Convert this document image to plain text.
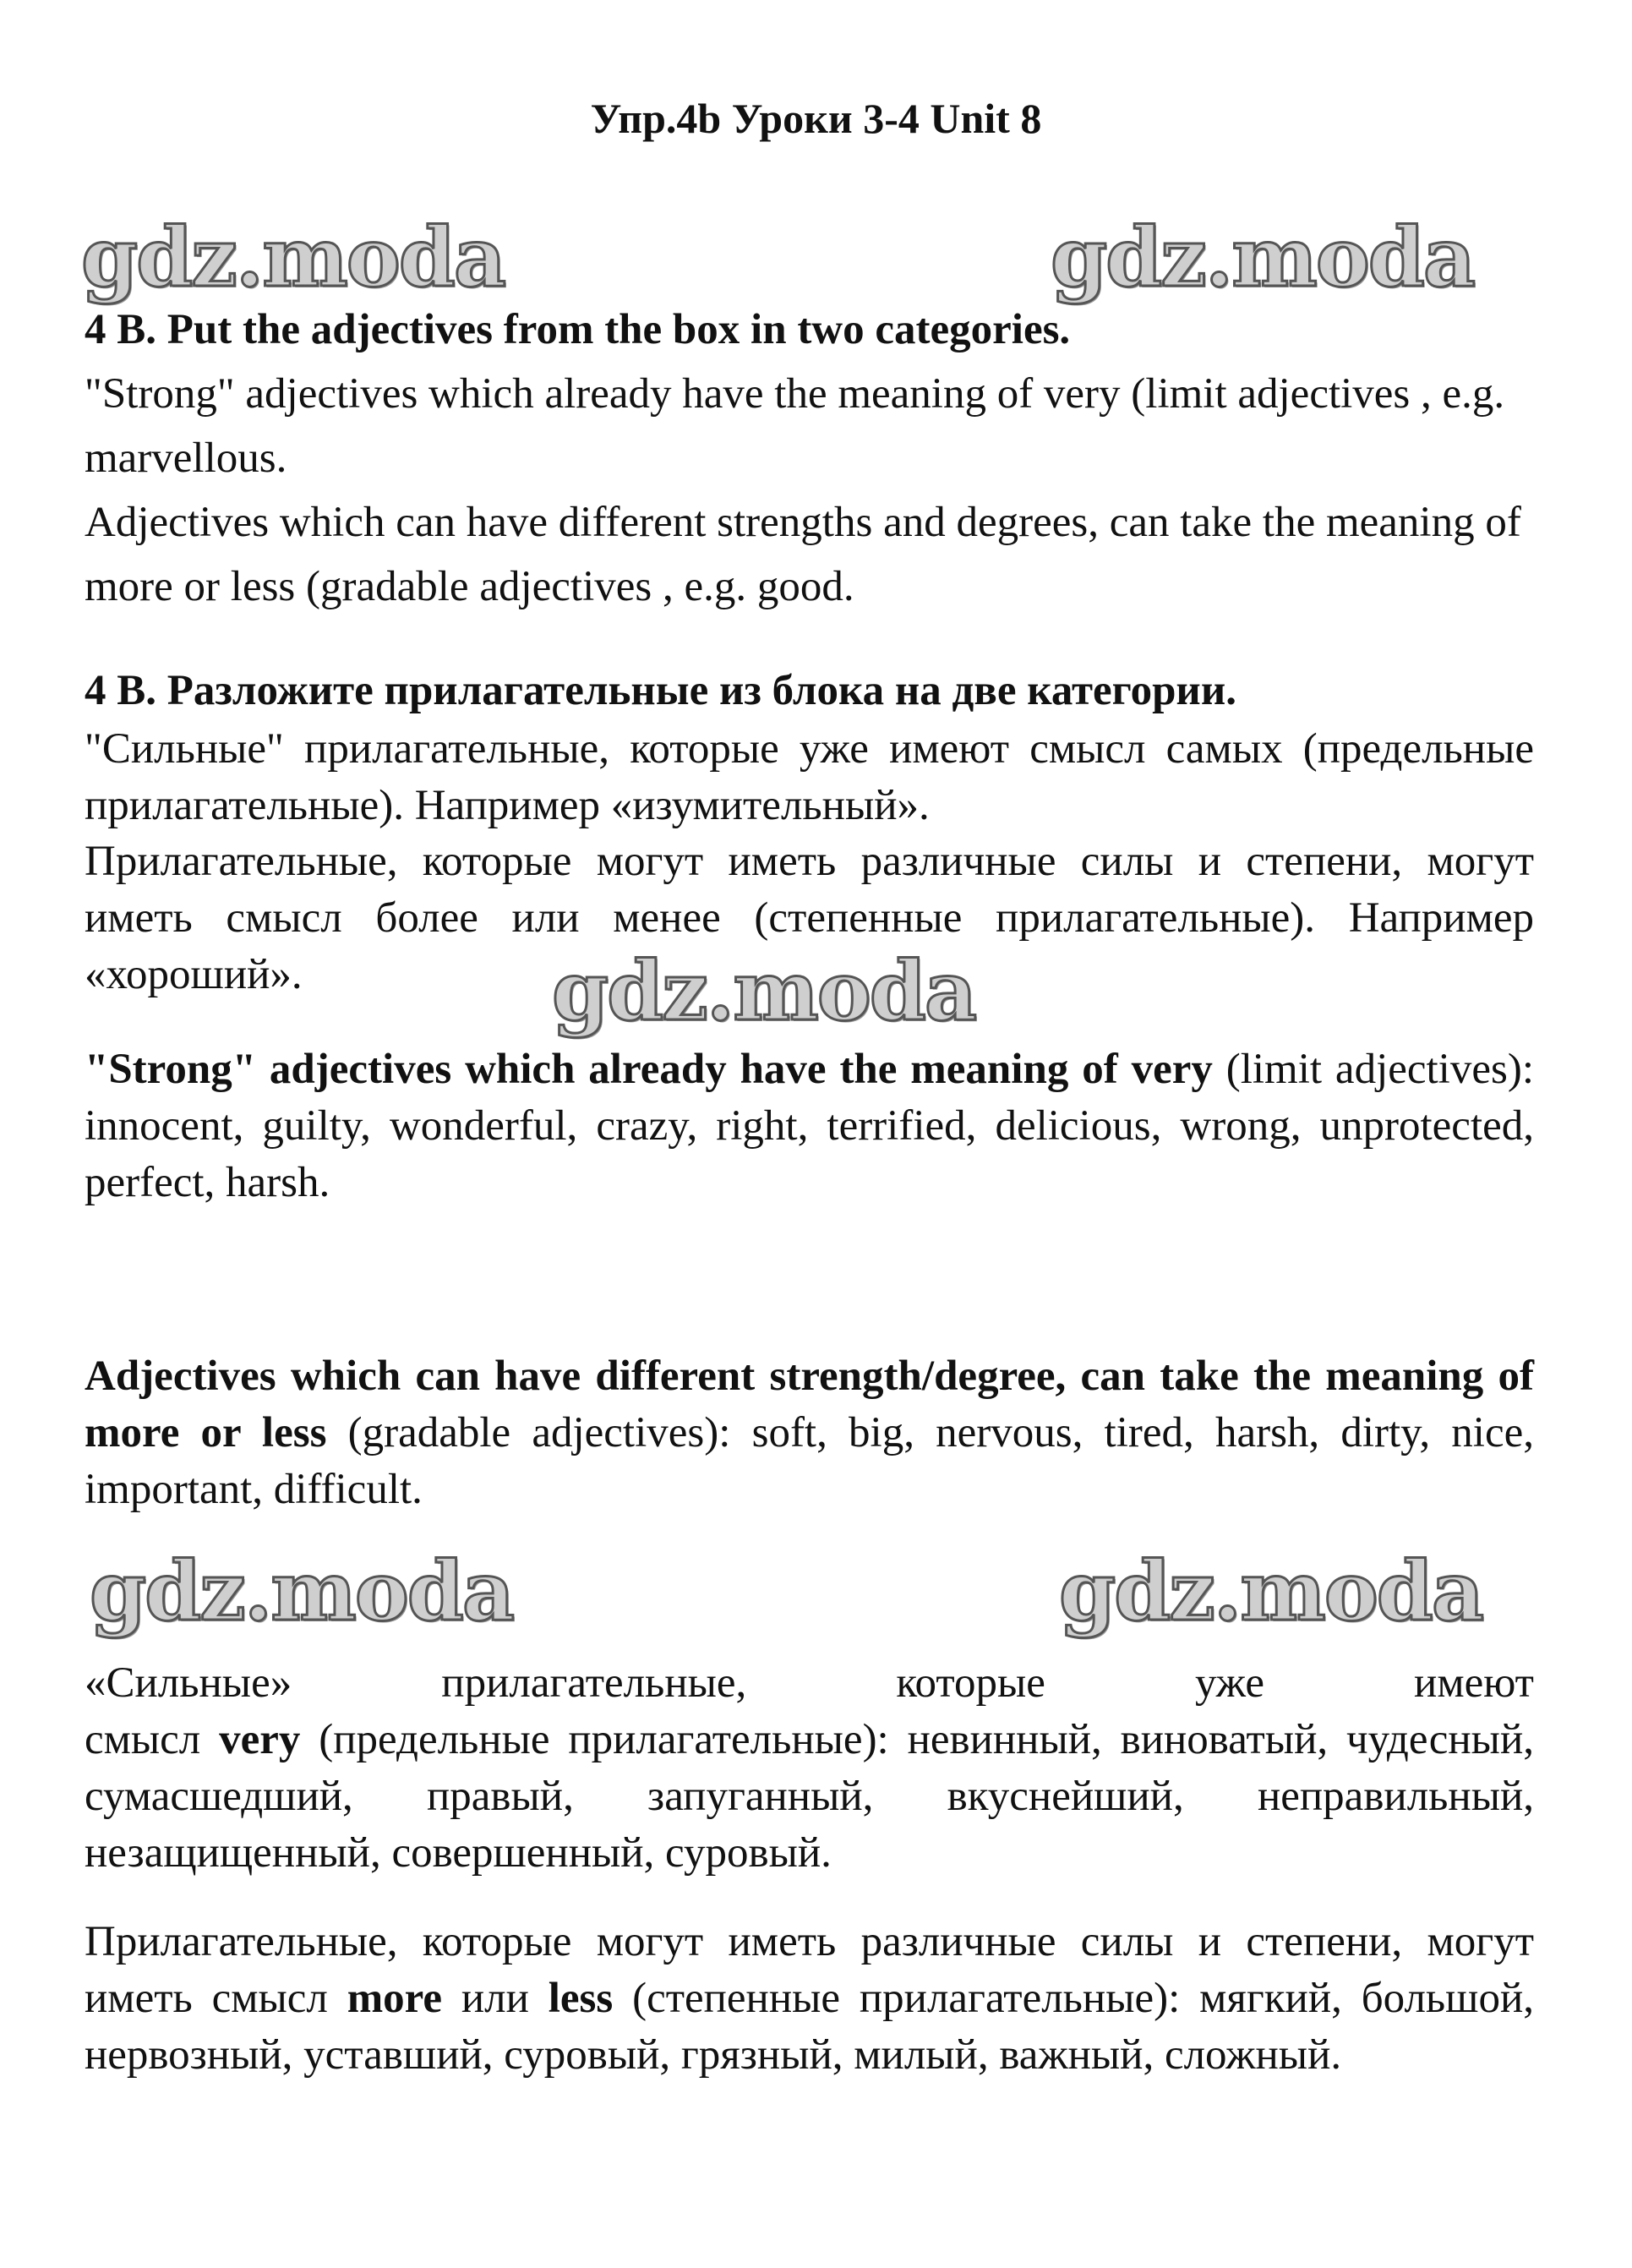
Упр.4b Уроки 3-4 Unit 8
gdz.moda	gdz.moda

4 B. Put the adjectives from the box in two categories.

"Strong" adjectives which already have the meaning of very (limit adjectives , e.g. marvellous.

Adjectives which can have different strengths and degrees, can take the meaning of more or less (gradable adjectives , e.g. good.

4 В. Разложите прилагательные из блока на две категории.

"Сильные" прилагательные, которые уже имеют смысл самых (предельные прилагательные). Например «изумительный».

Прилагательные, которые могут иметь различные силы и степени, могут иметь смысл более или менее (степенные прилагательные). Например «хороший».	gdz.moda

"Strong" adjectives which already have the meaning of very (limit adjectives): innocent, guilty, wonderful, crazy, right, terrified, delicious, wrong, unprotected, perfect, harsh.

Adjectives which can have different strength/degree, can take the meaning of more or less (gradable adjectives): soft, big, nervous, tired, harsh, dirty, nice, important, difficult.

gdz.moda	gdz.moda
«Сильные»	прилагательные,	которые	уже	имеют

смысл very (предельные прилагательные): невинный, виноватый, чудесный, сумасшедший, правый, запуганный, вкуснейший, неправильный, незащищенный, совершенный, суровый.

Прилагательные, которые могут иметь различные силы и степени, могут иметь смысл more или less (степенные прилагательные): мягкий, большой, нервозный, уставший, суровый, грязный, милый, важный, сложный.
